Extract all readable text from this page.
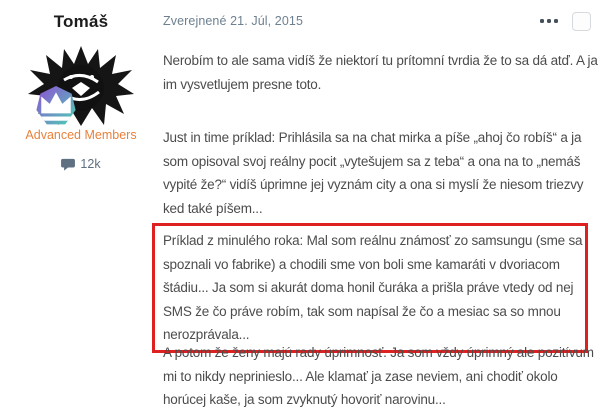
Tomáš
Advanced Members
12k
Zverejnené 21. Júl, 2015

Nerobím to ale sama vidíš že niektorí tu prítomní tvrdia že to sa dá atď. A ja im vysvetlujem presne toto.

Just in time príklad: Prihlásila sa na chat mirka a píše „ahoj čo robíš“ a ja som opisoval svoj reálny pocit „vytešujem sa z teba“ a ona na to „nemáš vypité že?“ vidíš úprimne jej vyznám city a ona si myslí že niesom triezvy ked také píšem...

Príklad z minulého roka: Mal som reálnu známosť zo samsungu (sme sa spoznali vo fabrike) a chodili sme von boli sme kamaráti v dvoriacom štádiu... Ja som si akurát doma honil čuráka a prišla práve vtedy od nej SMS že čo práve robím, tak som napísal že čo a mesiac sa so mnou nerozprávala...

A potom že ženy majú rady úprimnosť. Ja som vždy úprimný ale pozitívum mi to nikdy neprinieslo... Ale klamať ja zase neviem, ani chodiť okolo horúcej kaše, ja som zvyknutý hovoriť narovinu...
